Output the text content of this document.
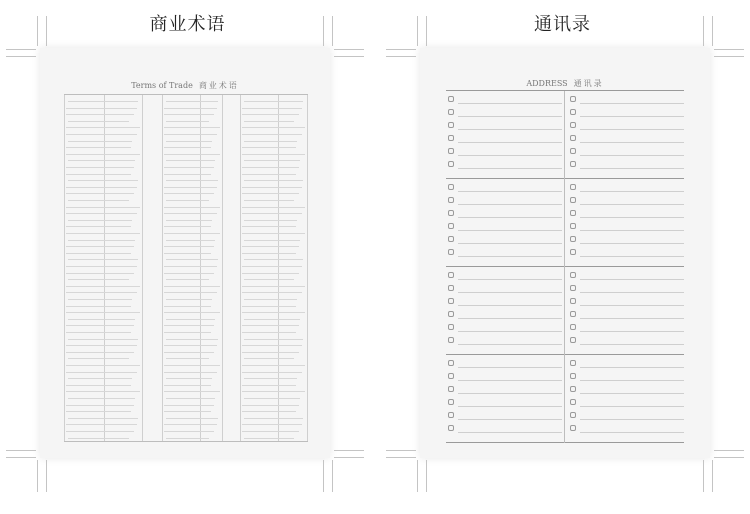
商业术语
Terms of Trade 商业术语
通讯录
ADDRESS 通讯录
